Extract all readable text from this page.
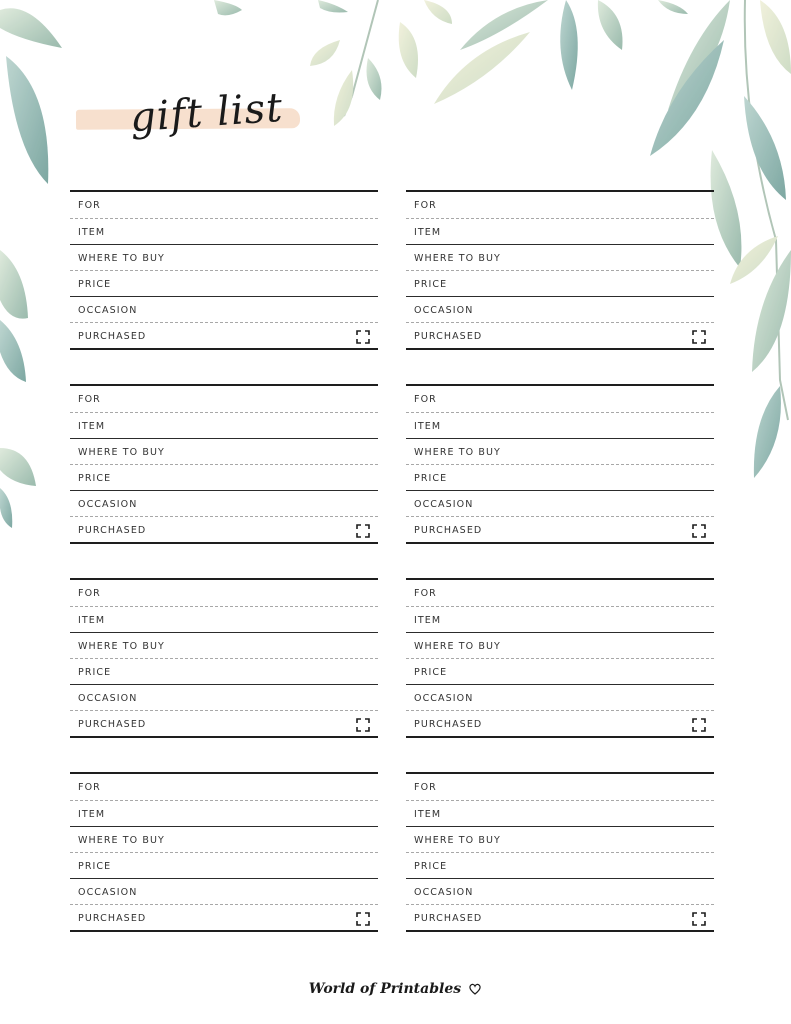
gift list
FOR
ITEM
WHERE TO BUY
PRICE
OCCASION
PURCHASED
FOR
ITEM
WHERE TO BUY
PRICE
OCCASION
PURCHASED
FOR
ITEM
WHERE TO BUY
PRICE
OCCASION
PURCHASED
FOR
ITEM
WHERE TO BUY
PRICE
OCCASION
PURCHASED
FOR
ITEM
WHERE TO BUY
PRICE
OCCASION
PURCHASED
FOR
ITEM
WHERE TO BUY
PRICE
OCCASION
PURCHASED
FOR
ITEM
WHERE TO BUY
PRICE
OCCASION
PURCHASED
FOR
ITEM
WHERE TO BUY
PRICE
OCCASION
PURCHASED
World of Printables
